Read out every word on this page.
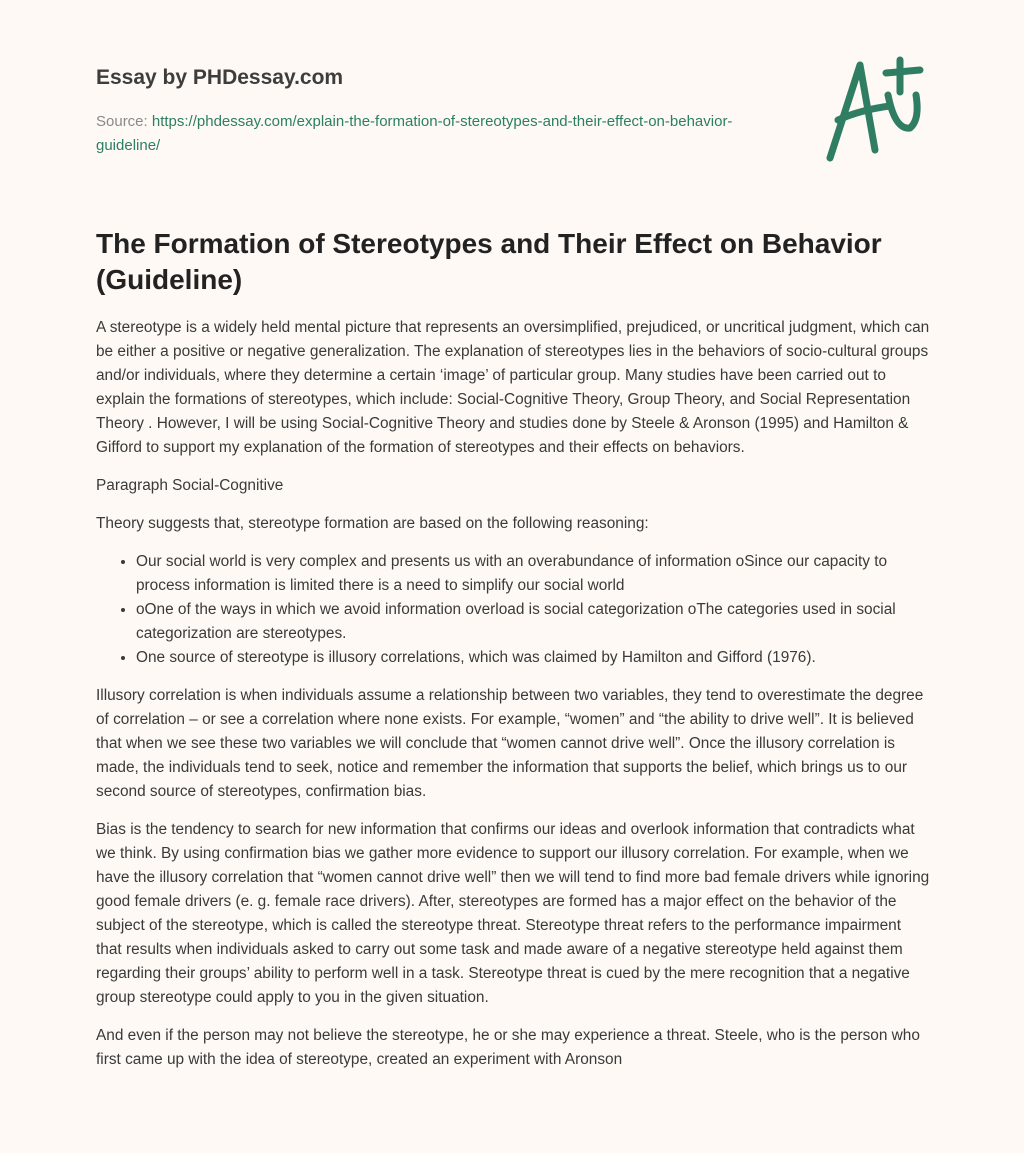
Essay by PHDessay.com

Source: https://phdessay.com/explain-the-formation-of-stereotypes-and-their-effect-on-behavior-guideline/
The Formation of Stereotypes and Their Effect on Behavior (Guideline)

A stereotype is a widely held mental picture that represents an oversimplified, prejudiced, or uncritical judgment, which can be either a positive or negative generalization. The explanation of stereotypes lies in the behaviors of socio-cultural groups and/or individuals, where they determine a certain ‘image’ of particular group. Many studies have been carried out to explain the formations of stereotypes, which include: Social-Cognitive Theory, Group Theory, and Social Representation Theory . However, I will be using Social-Cognitive Theory and studies done by Steele & Aronson (1995) and Hamilton & Gifford to support my explanation of the formation of stereotypes and their effects on behaviors.

Paragraph Social-Cognitive

Theory suggests that, stereotype formation are based on the following reasoning:

• Our social world is very complex and presents us with an overabundance of information oSince our capacity to process information is limited there is a need to simplify our social world
• oOne of the ways in which we avoid information overload is social categorization oThe categories used in social categorization are stereotypes.
• One source of stereotype is illusory correlations, which was claimed by Hamilton and Gifford (1976).

Illusory correlation is when individuals assume a relationship between two variables, they tend to overestimate the degree of correlation – or see a correlation where none exists. For example, “women” and “the ability to drive well”. It is believed that when we see these two variables we will conclude that “women cannot drive well”. Once the illusory correlation is made, the individuals tend to seek, notice and remember the information that supports the belief, which brings us to our second source of stereotypes, confirmation bias.

Bias is the tendency to search for new information that confirms our ideas and overlook information that contradicts what we think. By using confirmation bias we gather more evidence to support our illusory correlation. For example, when we have the illusory correlation that “women cannot drive well” then we will tend to find more bad female drivers while ignoring good female drivers (e. g. female race drivers). After, stereotypes are formed has a major effect on the behavior of the subject of the stereotype, which is called the stereotype threat. Stereotype threat refers to the performance impairment that results when individuals asked to carry out some task and made aware of a negative stereotype held against them regarding their groups’ ability to perform well in a task. Stereotype threat is cued by the mere recognition that a negative group stereotype could apply to you in the given situation.

And even if the person may not believe the stereotype, he or she may experience a threat. Steele, who is the person who first came up with the idea of stereotype, created an experiment with Aronson
